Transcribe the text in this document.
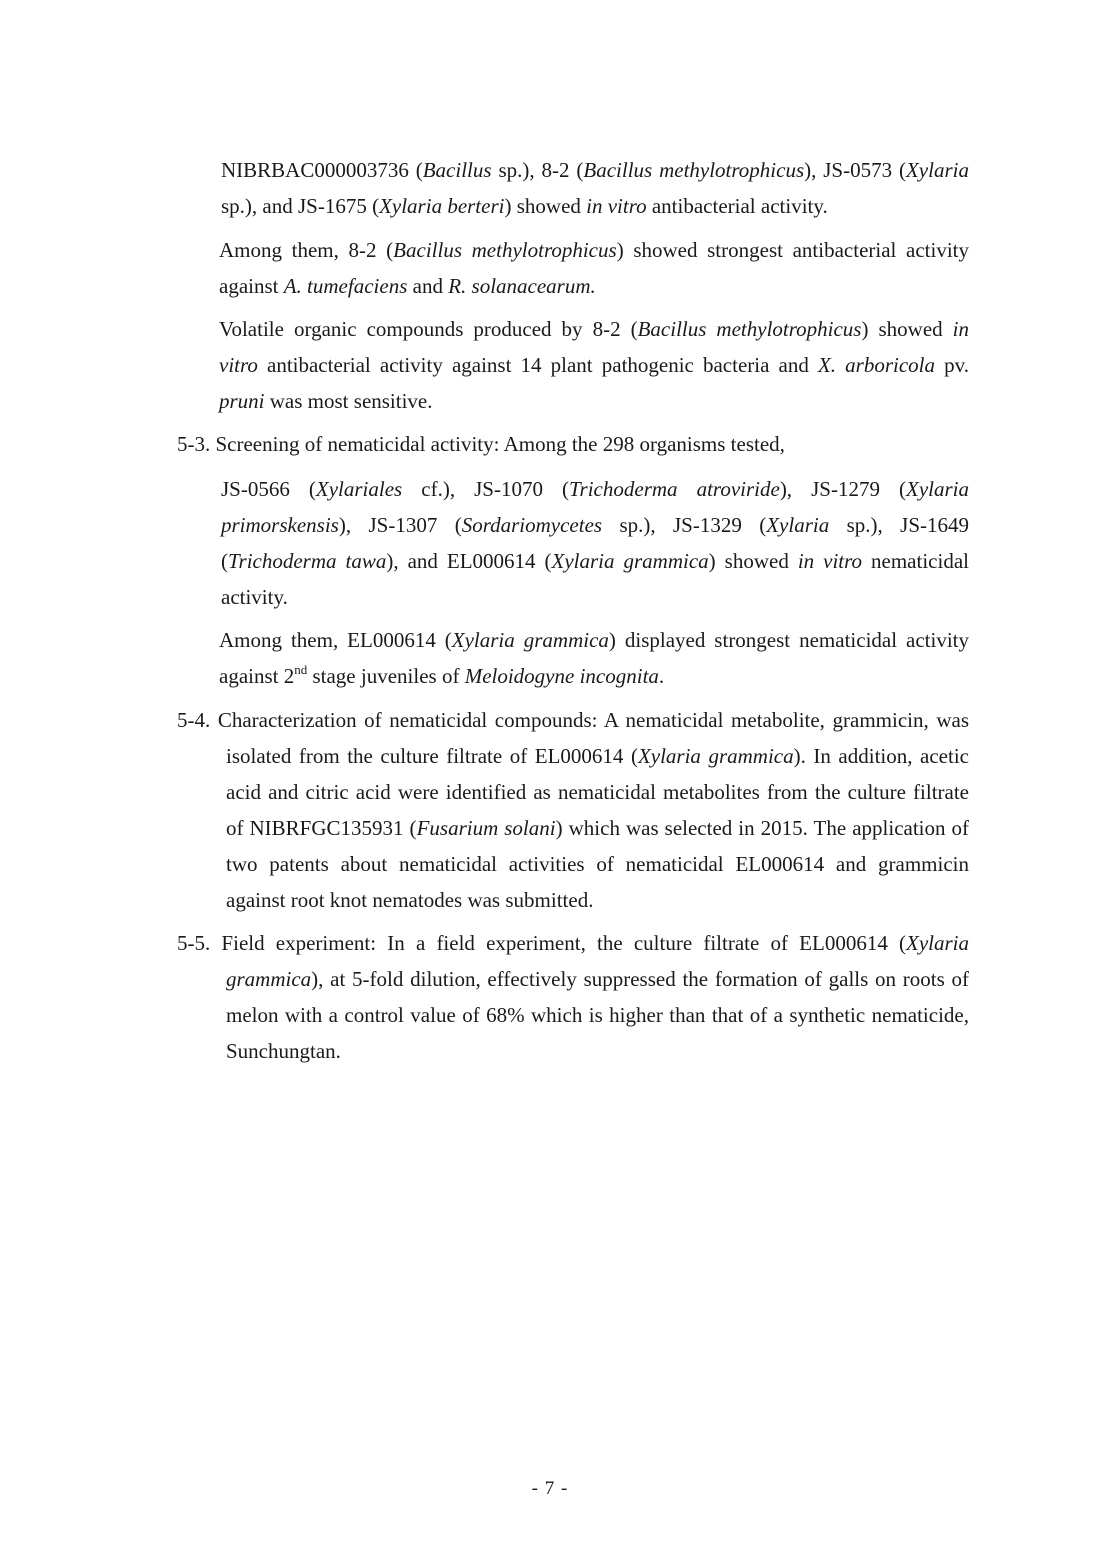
NIBRBAC000003736 (Bacillus sp.), 8-2 (Bacillus methylotrophicus), JS-0573 (Xylaria sp.), and JS-1675 (Xylaria berteri) showed in vitro antibacterial activity.

Among them, 8-2 (Bacillus methylotrophicus) showed strongest antibacterial activity against A. tumefaciens and R. solanacearum.

Volatile organic compounds produced by 8-2 (Bacillus methylotrophicus) showed in vitro antibacterial activity against 14 plant pathogenic bacteria and X. arboricola pv. pruni was most sensitive.

5-3. Screening of nematicidal activity: Among the 298 organisms tested,

JS-0566 (Xylariales cf.), JS-1070 (Trichoderma atroviride), JS-1279 (Xylaria primorskensis), JS-1307 (Sordariomycetes sp.), JS-1329 (Xylaria sp.), JS-1649 (Trichoderma tawa), and EL000614 (Xylaria grammica) showed in vitro nematicidal activity.

Among them, EL000614 (Xylaria grammica) displayed strongest nematicidal activity against 2nd stage juveniles of Meloidogyne incognita.

5-4. Characterization of nematicidal compounds: A nematicidal metabolite, grammicin, was isolated from the culture filtrate of EL000614 (Xylaria grammica). In addition, acetic acid and citric acid were identified as nematicidal metabolites from the culture filtrate of NIBRFGC135931 (Fusarium solani) which was selected in 2015. The application of two patents about nematicidal activities of nematicidal EL000614 and grammicin against root knot nematodes was submitted.

5-5. Field experiment: In a field experiment, the culture filtrate of EL000614 (Xylaria grammica), at 5-fold dilution, effectively suppressed the formation of galls on roots of melon with a control value of 68% which is higher than that of a synthetic nematicide, Sunchungtan.

- 7 -
